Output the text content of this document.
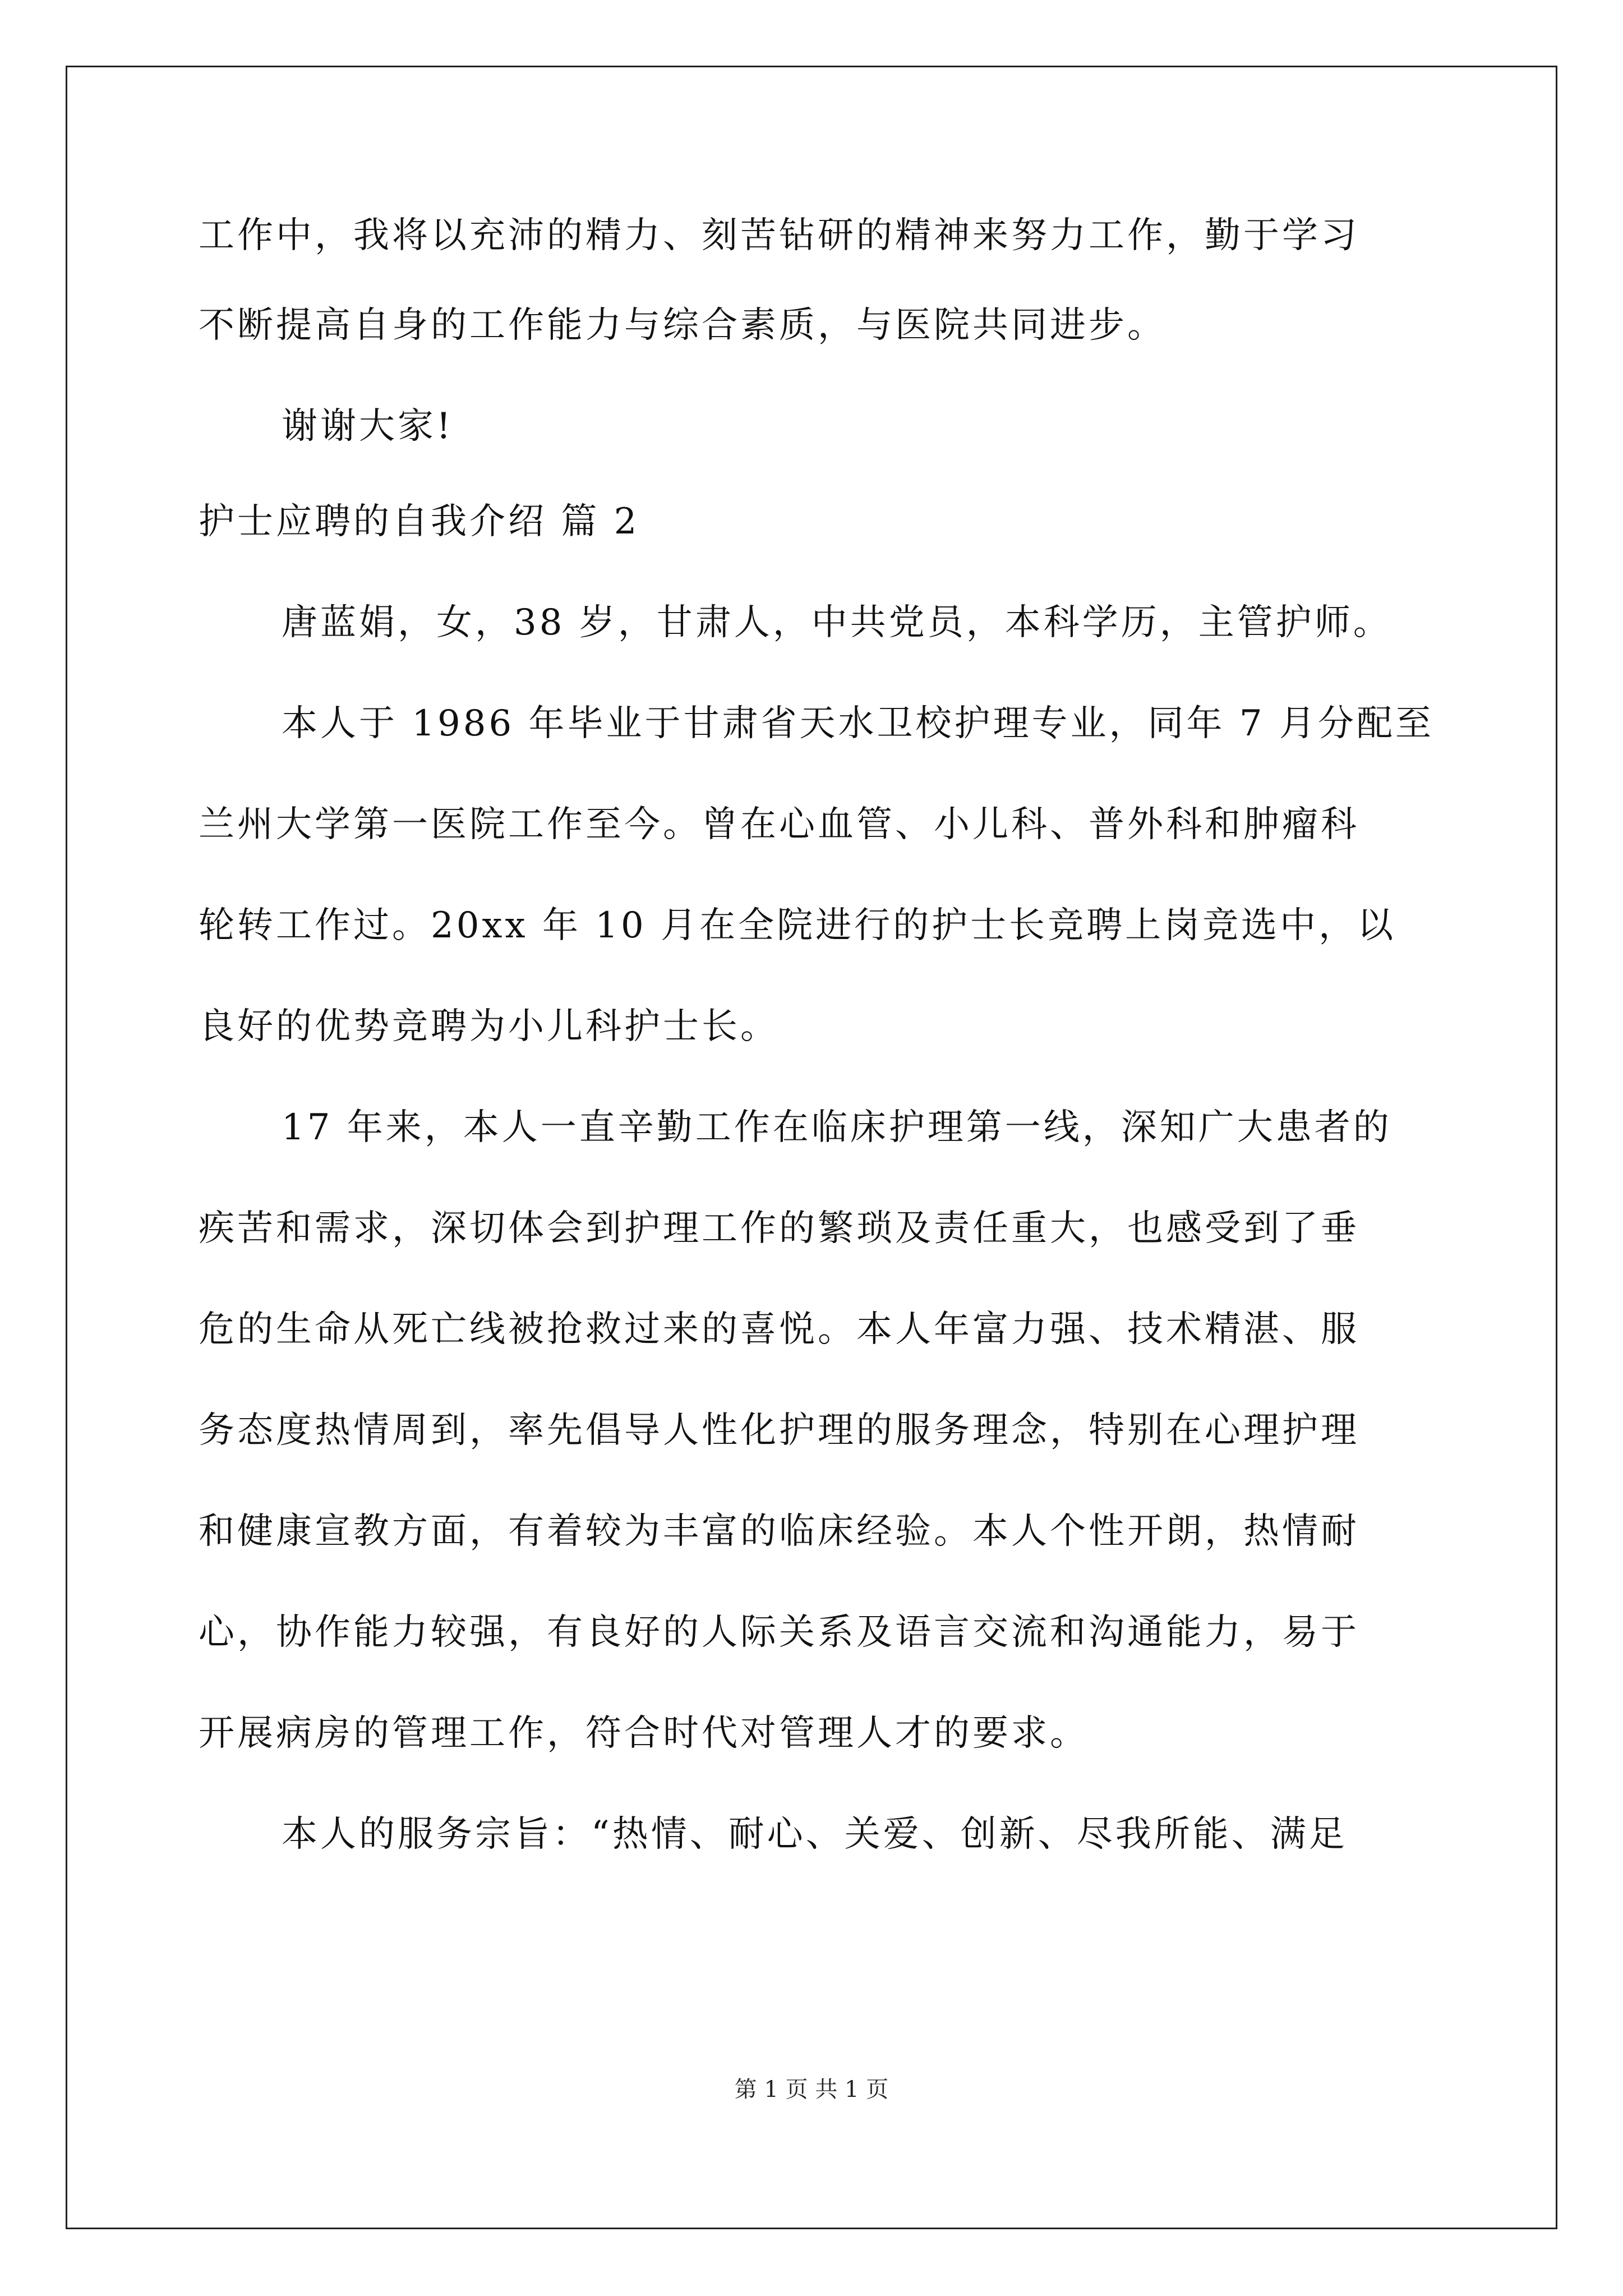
工作中，我将以充沛的精力、刻苦钻研的精神来努力工作，勤于学习
不断提高自身的工作能力与综合素质，与医院共同进步。
谢谢大家!
护士应聘的自我介绍 篇 2
唐蓝娟，女，38 岁，甘肃人，中共党员，本科学历，主管护师。
本人于 1986 年毕业于甘肃省天水卫校护理专业，同年 7 月分配至
兰州大学第一医院工作至今。曾在心血管、小儿科、普外科和肿瘤科
轮转工作过。20xx 年 10 月在全院进行的护士长竞聘上岗竞选中，以
良好的优势竞聘为小儿科护士长。
17 年来，本人一直辛勤工作在临床护理第一线，深知广大患者的
疾苦和需求，深切体会到护理工作的繁琐及责任重大，也感受到了垂
危的生命从死亡线被抢救过来的喜悦。本人年富力强、技术精湛、服
务态度热情周到，率先倡导人性化护理的服务理念，特别在心理护理
和健康宣教方面，有着较为丰富的临床经验。本人个性开朗，热情耐
心，协作能力较强，有良好的人际关系及语言交流和沟通能力，易于
开展病房的管理工作，符合时代对管理人才的要求。
本人的服务宗旨：“热情、耐心、关爱、创新、尽我所能、满足
第 1 页 共 1 页
